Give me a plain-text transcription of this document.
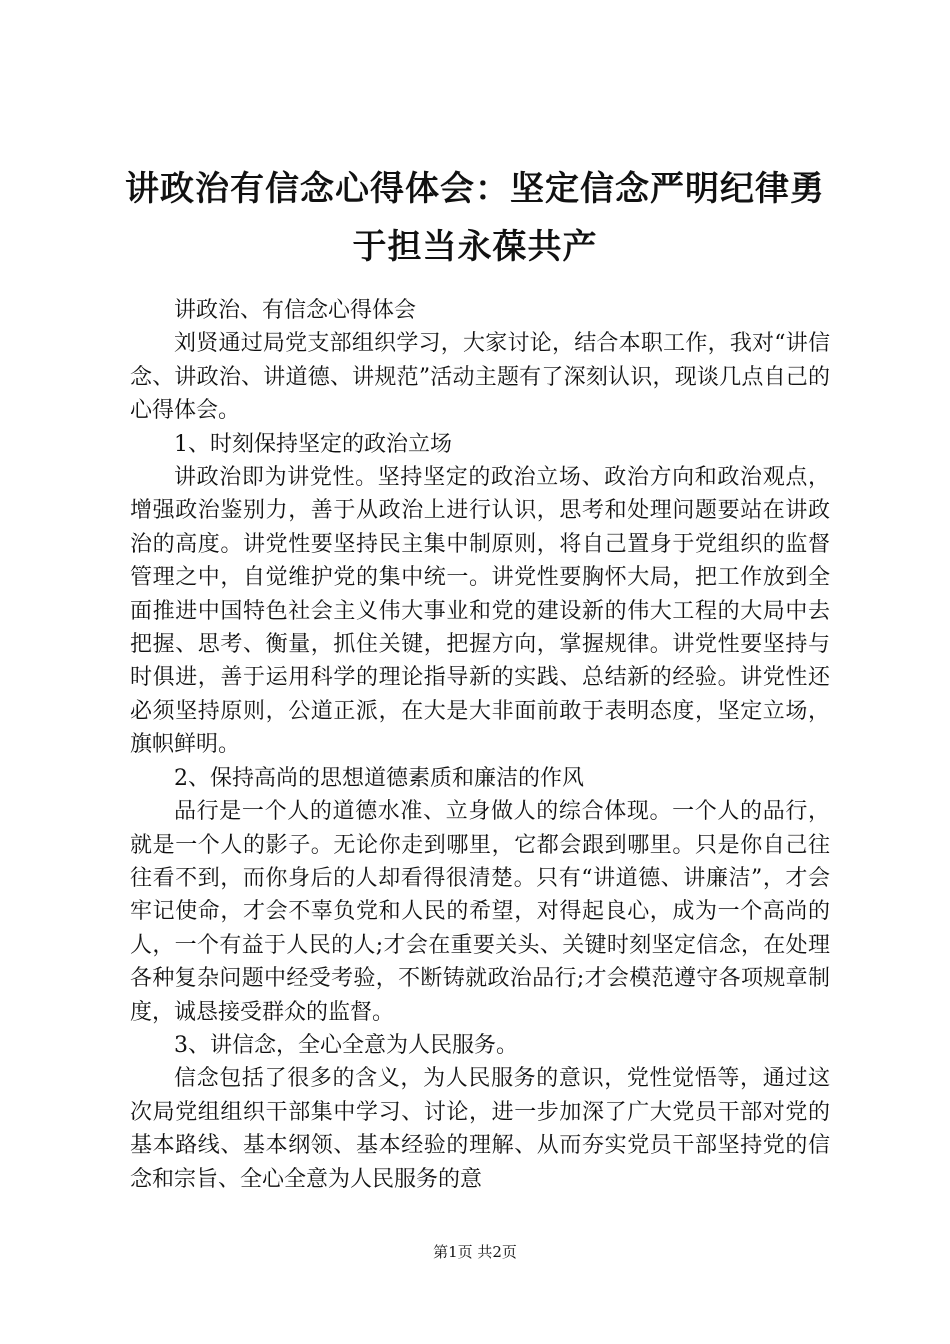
讲政治有信念心得体会：坚定信念严明纪律勇于担当永葆共产

讲政治、有信念心得体会

刘贤通过局党支部组织学习，大家讨论，结合本职工作，我对“讲信念、讲政治、讲道德、讲规范”活动主题有了深刻认识，现谈几点自己的心得体会。

1、时刻保持坚定的政治立场

讲政治即为讲党性。坚持坚定的政治立场、政治方向和政治观点，增强政治鉴别力，善于从政治上进行认识，思考和处理问题要站在讲政治的高度。讲党性要坚持民主集中制原则，将自己置身于党组织的监督管理之中，自觉维护党的集中统一。讲党性要胸怀大局，把工作放到全面推进中国特色社会主义伟大事业和党的建设新的伟大工程的大局中去把握、思考、衡量，抓住关键，把握方向，掌握规律。讲党性要坚持与时俱进，善于运用科学的理论指导新的实践、总结新的经验。讲党性还必须坚持原则，公道正派，在大是大非面前敢于表明态度，坚定立场，旗帜鲜明。

2、保持高尚的思想道德素质和廉洁的作风

品行是一个人的道德水准、立身做人的综合体现。一个人的品行，就是一个人的影子。无论你走到哪里，它都会跟到哪里。只是你自己往往看不到，而你身后的人却看得很清楚。只有“讲道德、讲廉洁”，才会牢记使命，才会不辜负党和人民的希望，对得起良心，成为一个高尚的人，一个有益于人民的人;才会在重要关头、关键时刻坚定信念，在处理各种复杂问题中经受考验，不断铸就政治品行;才会模范遵守各项规章制度，诚恳接受群众的监督。

3、讲信念，全心全意为人民服务。

信念包括了很多的含义，为人民服务的意识，党性觉悟等，通过这次局党组组织干部集中学习、讨论，进一步加深了广大党员干部对党的基本路线、基本纲领、基本经验的理解、从而夯实党员干部坚持党的信念和宗旨、全心全意为人民服务的意

第1页 共2页
